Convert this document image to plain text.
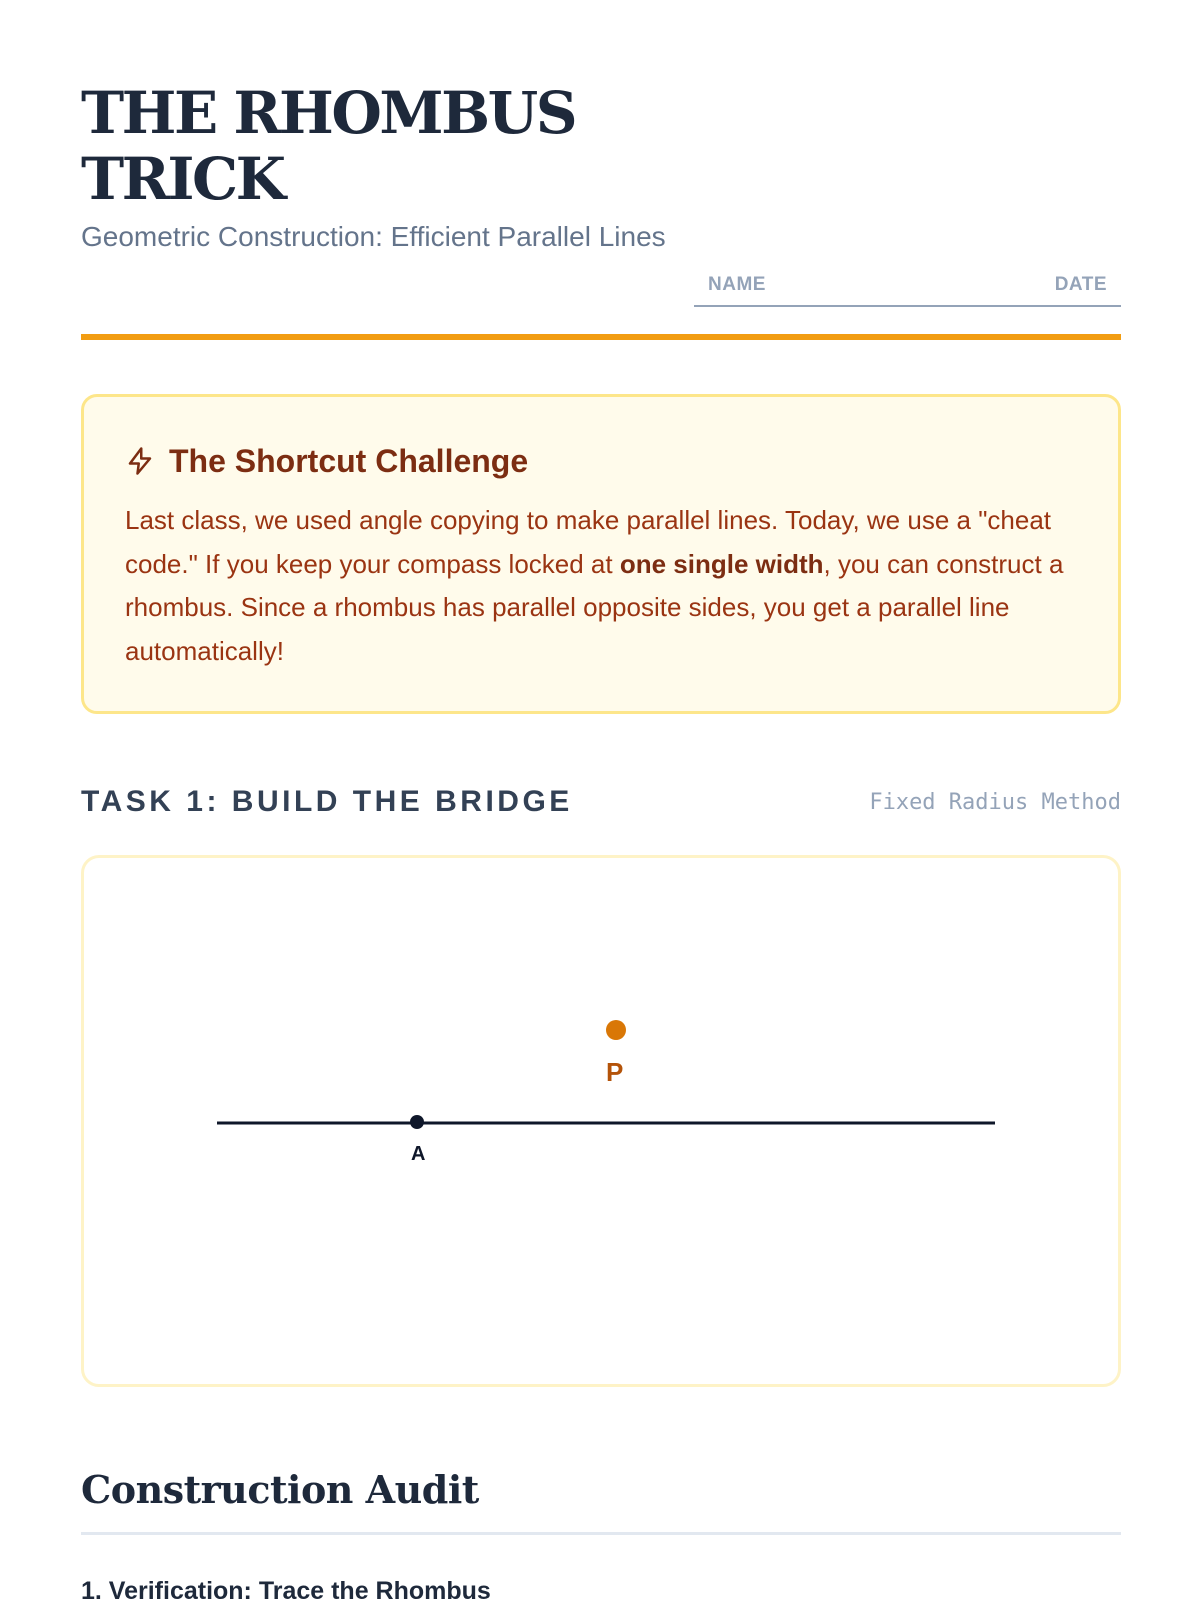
THE RHOMBUS
TRICK
Geometric Construction: Efficient Parallel Lines
NAME	DATE
The Shortcut Challenge

Last class, we used angle copying to make parallel lines. Today, we use a "cheat code." If you keep your compass locked at one single width, you can construct a rhombus. Since a rhombus has parallel opposite sides, you get a parallel line automatically!

TASK 1: BUILD THE BRIDGE	Fixed Radius Method
A
P
Construction Audit
1. Verification: Trace the Rhombus
